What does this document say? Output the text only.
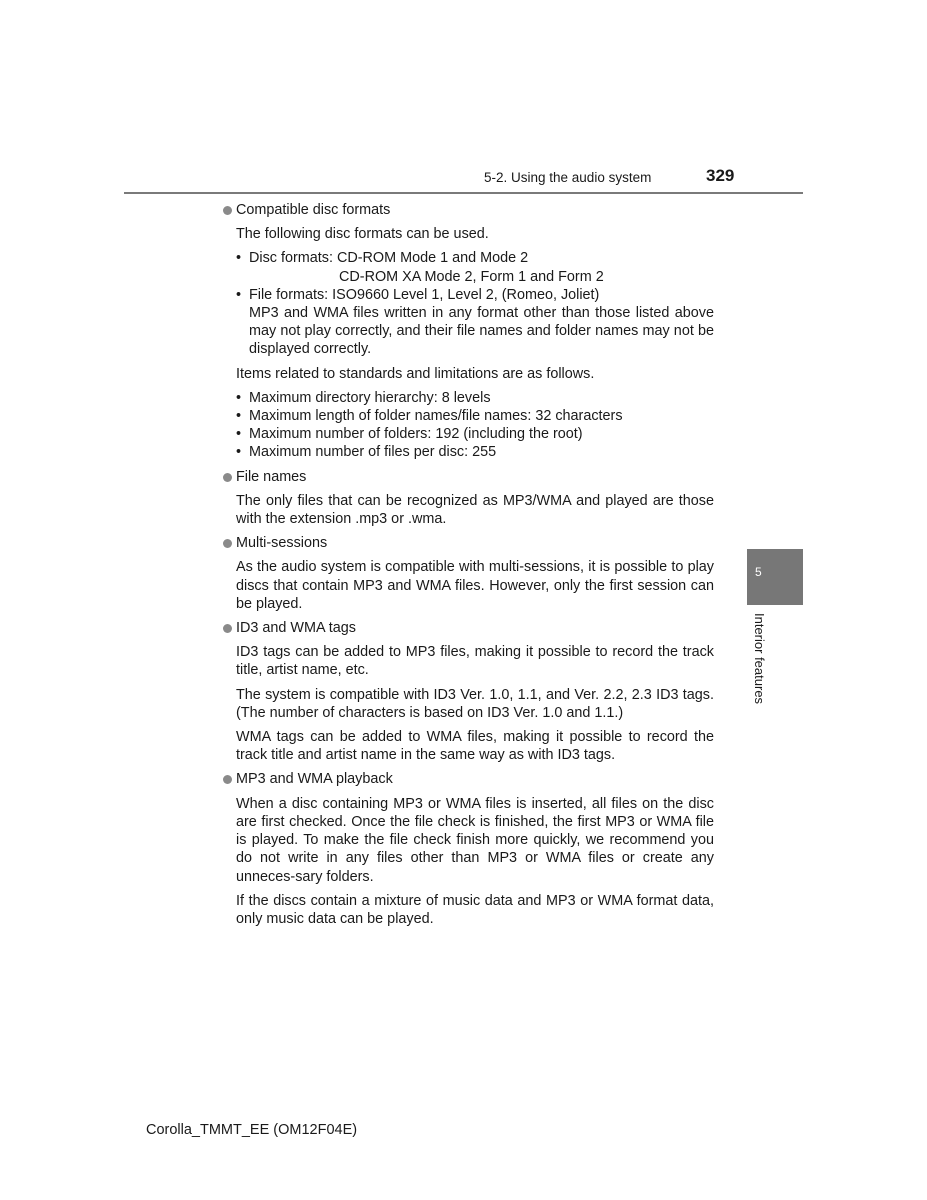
5-2. Using the audio system	329
5
Interior features
Compatible disc formats
The following disc formats can be used.
• Disc formats: CD-ROM Mode 1 and Mode 2
CD-ROM XA Mode 2, Form 1 and Form 2
• File formats: ISO9660 Level 1, Level 2, (Romeo, Joliet)
MP3 and WMA files written in any format other than those listed above may not play correctly, and their file names and folder names may not be displayed correctly.
Items related to standards and limitations are as follows.
• Maximum directory hierarchy: 8 levels
• Maximum length of folder names/file names: 32 characters
• Maximum number of folders: 192 (including the root)
• Maximum number of files per disc: 255
File names
The only files that can be recognized as MP3/WMA and played are those with the extension .mp3 or .wma.
Multi-sessions
As the audio system is compatible with multi-sessions, it is possible to play discs that contain MP3 and WMA files. However, only the first session can be played.
ID3 and WMA tags
ID3 tags can be added to MP3 files, making it possible to record the track title, artist name, etc.
The system is compatible with ID3 Ver. 1.0, 1.1, and Ver. 2.2, 2.3 ID3 tags. (The number of characters is based on ID3 Ver. 1.0 and 1.1.)
WMA tags can be added to WMA files, making it possible to record the track title and artist name in the same way as with ID3 tags.
MP3 and WMA playback
When a disc containing MP3 or WMA files is inserted, all files on the disc are first checked. Once the file check is finished, the first MP3 or WMA file is played. To make the file check finish more quickly, we recommend you do not write in any files other than MP3 or WMA files or create any unneces-sary folders.
If the discs contain a mixture of music data and MP3 or WMA format data, only music data can be played.
Corolla_TMMT_EE (OM12F04E)
